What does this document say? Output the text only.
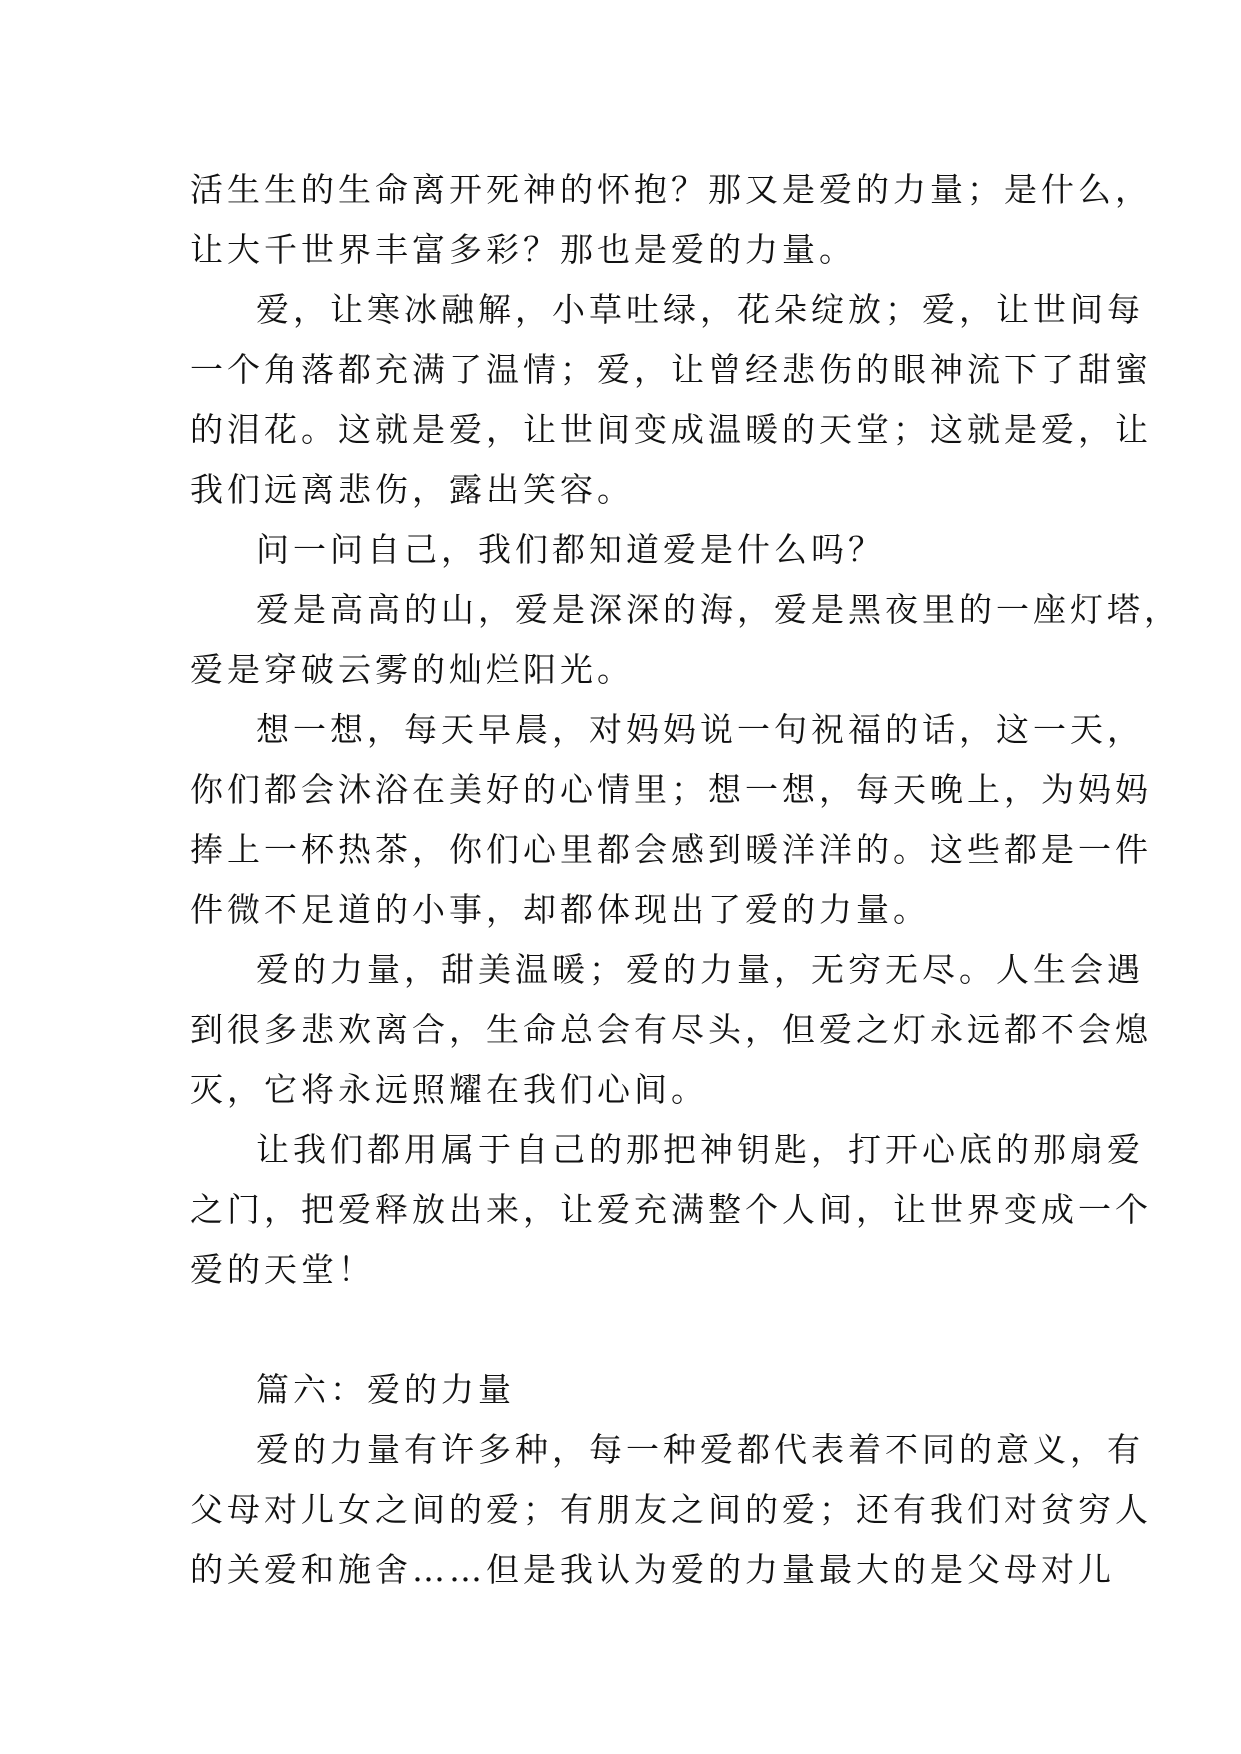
活生生的生命离开死神的怀抱？那又是爱的力量；是什么，
让大千世界丰富多彩？那也是爱的力量。
爱，让寒冰融解，小草吐绿，花朵绽放；爱，让世间每
一个角落都充满了温情；爱，让曾经悲伤的眼神流下了甜蜜
的泪花。这就是爱，让世间变成温暖的天堂；这就是爱，让
我们远离悲伤，露出笑容。
问一问自己，我们都知道爱是什么吗？
爱是高高的山，爱是深深的海，爱是黑夜里的一座灯塔，
爱是穿破云雾的灿烂阳光。
想一想，每天早晨，对妈妈说一句祝福的话，这一天，
你们都会沐浴在美好的心情里；想一想，每天晚上，为妈妈
捧上一杯热茶，你们心里都会感到暖洋洋的。这些都是一件
件微不足道的小事，却都体现出了爱的力量。
爱的力量，甜美温暖；爱的力量，无穷无尽。人生会遇
到很多悲欢离合，生命总会有尽头，但爱之灯永远都不会熄
灭，它将永远照耀在我们心间。
让我们都用属于自己的那把神钥匙，打开心底的那扇爱
之门，把爱释放出来，让爱充满整个人间，让世界变成一个
爱的天堂！
篇六：爱的力量
爱的力量有许多种，每一种爱都代表着不同的意义，有
父母对儿女之间的爱；有朋友之间的爱；还有我们对贫穷人
的关爱和施舍……但是我认为爱的力量最大的是父母对儿
